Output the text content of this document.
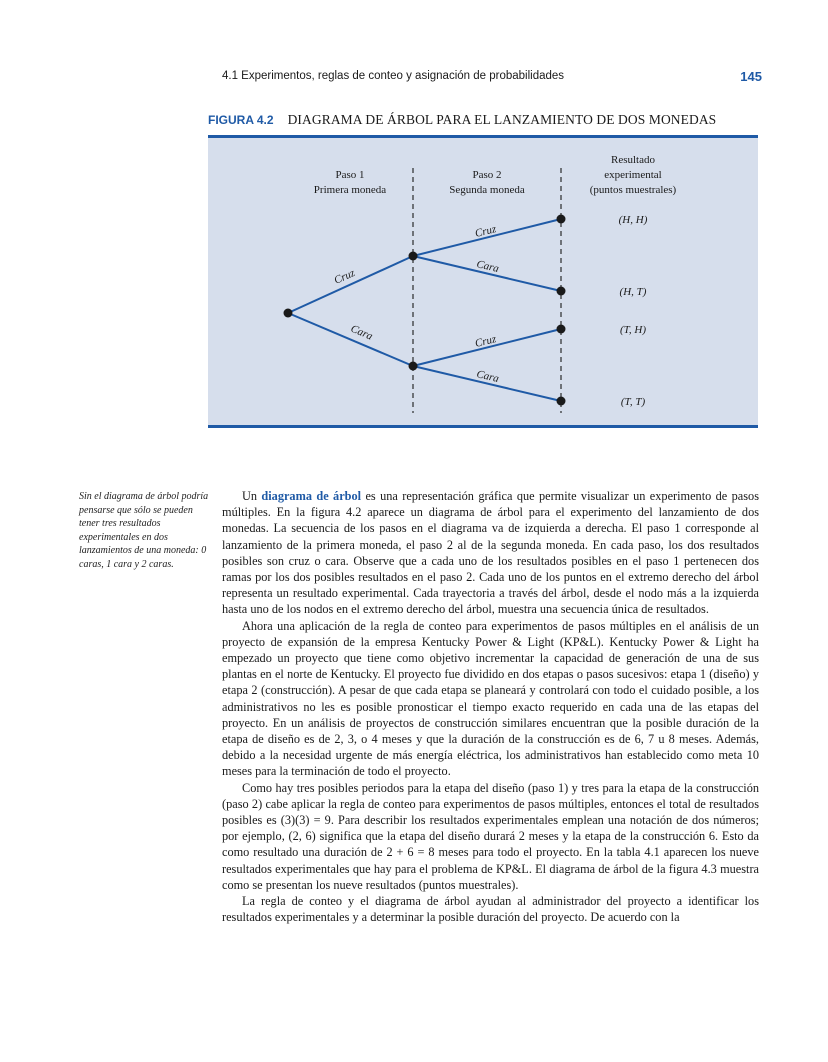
4.1 Experimentos, reglas de conteo y asignación de probabilidades	145
FIGURA 4.2 DIAGRAMA DE ÁRBOL PARA EL LANZAMIENTO DE DOS MONEDAS
Paso 1
Primera moneda
Paso 2
Segunda moneda
Resultado
experimental
(puntos muestrales)
Cruz
Cara
Cruz
Cara
Cruz
Cara
(H, H)
(H, T)
(T, H)
(T, T)
Sin el diagrama de árbol podría pensarse que sólo se pueden tener tres resultados experimentales en dos lanzamientos de una moneda: 0 caras, 1 cara y 2 caras.

Un diagrama de árbol es una representación gráfica que permite visualizar un experimento de pasos múltiples. En la figura 4.2 aparece un diagrama de árbol para el experimento del lanzamiento de dos monedas. La secuencia de los pasos en el diagrama va de izquierda a derecha. El paso 1 corresponde al lanzamiento de la primera moneda, el paso 2 al de la segunda moneda. En cada paso, los dos resultados posibles son cruz o cara. Observe que a cada uno de los resultados posibles en el paso 1 pertenecen dos ramas por los dos posibles resultados en el paso 2. Cada uno de los puntos en el extremo derecho del árbol representa un resultado experimental. Cada trayectoria a través del árbol, desde el nodo más a la izquierda hasta uno de los nodos en el extremo derecho del árbol, muestra una secuencia única de resultados.

Ahora una aplicación de la regla de conteo para experimentos de pasos múltiples en el análisis de un proyecto de expansión de la empresa Kentucky Power & Light (KP&L). Kentucky Power & Light ha empezado un proyecto que tiene como objetivo incrementar la capacidad de generación de una de sus plantas en el norte de Kentucky. El proyecto fue dividido en dos etapas o pasos sucesivos: etapa 1 (diseño) y etapa 2 (construcción). A pesar de que cada etapa se planeará y controlará con todo el cuidado posible, a los administrativos no les es posible pronosticar el tiempo exacto requerido en cada una de las etapas del proyecto. En un análisis de proyectos de construcción similares encuentran que la posible duración de la etapa de diseño es de 2, 3, o 4 meses y que la duración de la construcción es de 6, 7 u 8 meses. Además, debido a la necesidad urgente de más energía eléctrica, los administrativos han establecido como meta 10 meses para la terminación de todo el proyecto.

Como hay tres posibles periodos para la etapa del diseño (paso 1) y tres para la etapa de la construcción (paso 2) cabe aplicar la regla de conteo para experimentos de pasos múltiples, entonces el total de resultados posibles es (3)(3) = 9. Para describir los resultados experimentales emplean una notación de dos números; por ejemplo, (2, 6) significa que la etapa del diseño durará 2 meses y la etapa de la construcción 6. Esto da como resultado una duración de 2 + 6 = 8 meses para todo el proyecto. En la tabla 4.1 aparecen los nueve resultados experimentales que hay para el problema de KP&L. El diagrama de árbol de la figura 4.3 muestra como se presentan los nueve resultados (puntos muestrales).

La regla de conteo y el diagrama de árbol ayudan al administrador del proyecto a identificar los resultados experimentales y a determinar la posible duración del proyecto. De acuerdo con la
